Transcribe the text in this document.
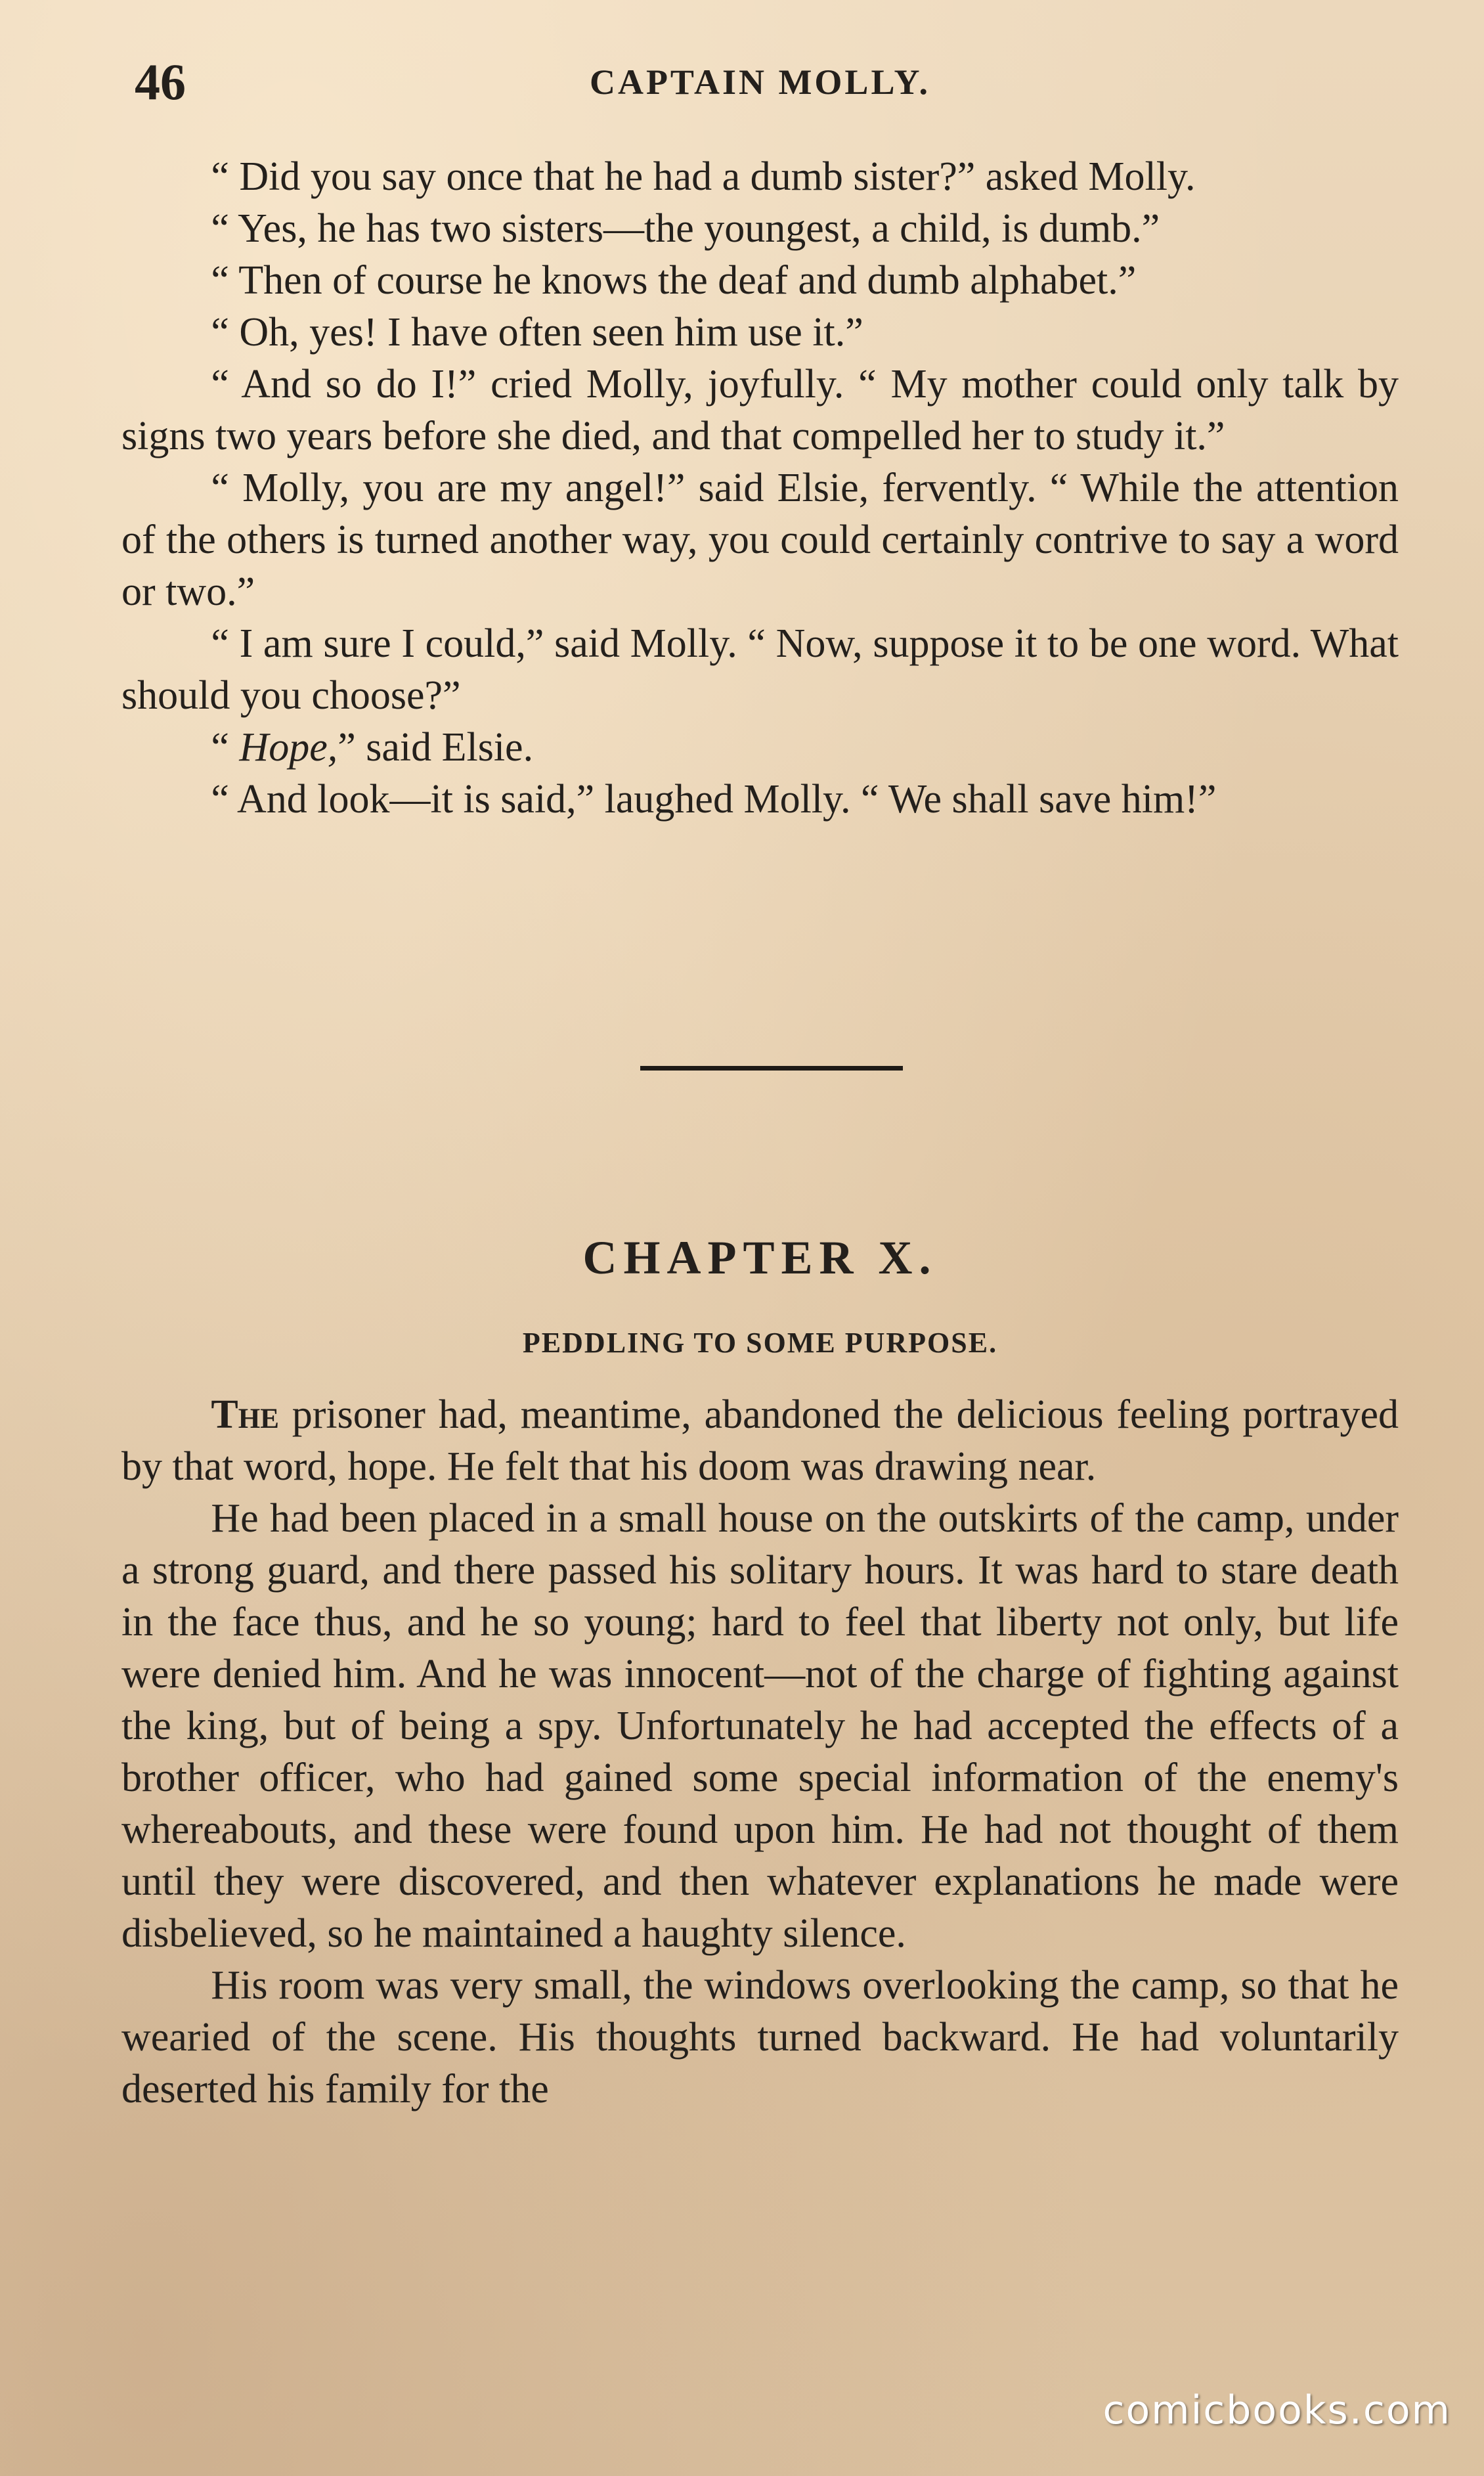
46	CAPTAIN MOLLY.

“ Did you say once that he had a dumb sister?” asked Molly.

“ Yes, he has two sisters—the youngest, a child, is dumb.”

“ Then of course he knows the deaf and dumb alphabet.”

“ Oh, yes! I have often seen him use it.”

“ And so do I!” cried Molly, joyfully. “ My mother could only talk by signs two years before she died, and that compelled her to study it.”

“ Molly, you are my angel!” said Elsie, fervently. “ While the attention of the others is turned another way, you could certainly contrive to say a word or two.”

“ I am sure I could,” said Molly. “ Now, suppose it to be one word. What should you choose?”

“ Hope,” said Elsie.

“ And look—it is said,” laughed Molly. “ We shall save him!”

CHAPTER X.
PEDDLING TO SOME PURPOSE.

The prisoner had, meantime, abandoned the delicious feeling portrayed by that word, hope. He felt that his doom was drawing near.

He had been placed in a small house on the outskirts of the camp, under a strong guard, and there passed his solitary hours. It was hard to stare death in the face thus, and he so young; hard to feel that liberty not only, but life were denied him. And he was innocent—not of the charge of fighting against the king, but of being a spy. Unfortunately he had accepted the effects of a brother officer, who had gained some special information of the enemy's whereabouts, and these were found upon him. He had not thought of them until they were discovered, and then whatever explanations he made were disbelieved, so he maintained a haughty silence.

His room was very small, the windows overlooking the camp, so that he wearied of the scene. His thoughts turned backward. He had voluntarily deserted his family for the

comicbooks.com
